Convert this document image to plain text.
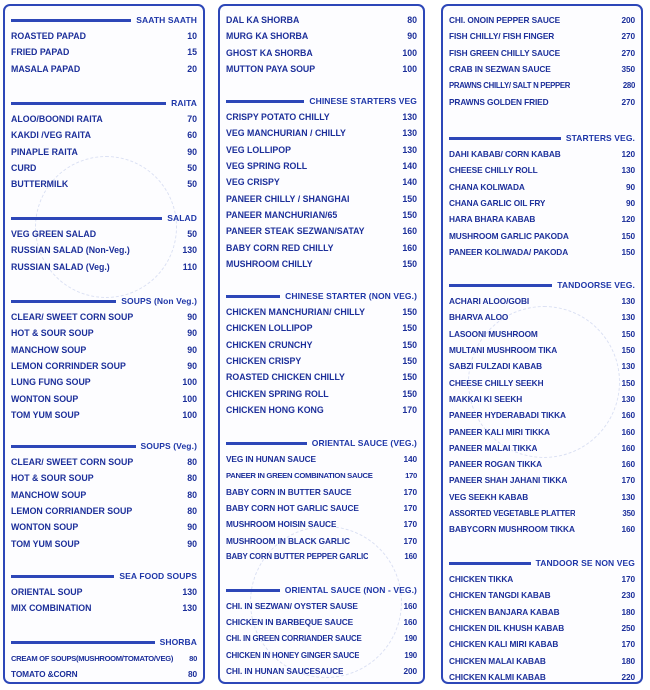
SAATH SAATH
ROASTED PAPAD	10
FRIED PAPAD	15
MASALA PAPAD	20
RAITA
ALOO/BOONDI RAITA	70
KAKDI /VEG RAITA	60
PINAPLE RAITA	90
CURD	50
BUTTERMILK	50
SALAD
VEG GREEN SALAD	50
RUSSIAN SALAD (Non-Veg.)	130
RUSSIAN SALAD (Veg.)	110
SOUPS (Non Veg.)
CLEAR/ SWEET CORN SOUP	90
HOT & SOUR SOUP	90
MANCHOW SOUP	90
LEMON CORRINDER SOUP	90
LUNG FUNG SOUP	100
WONTON SOUP	100
TOM YUM SOUP	100
SOUPS (Veg.)
CLEAR/ SWEET CORN SOUP	80
HOT & SOUR SOUP	80
MANCHOW SOUP	80
LEMON CORRIANDER SOUP	80
WONTON SOUP	90
TOM YUM SOUP	90
SEA FOOD SOUPS
ORIENTAL SOUP	130
MIX COMBINATION	130
SHORBA
CREAM OF SOUPS(MUSHROOM/TOMATO/VEG)	80
TOMATO &CORN	80
DAL KA SHORBA	80
MURG KA SHORBA	90
GHOST KA SHORBA	100
MUTTON PAYA SOUP	100
CHINESE STARTERS VEG
CRISPY POTATO CHILLY	130
VEG MANCHURIAN / CHILLY	130
VEG LOLLIPOP	130
VEG SPRING ROLL	140
VEG CRISPY	140
PANEER CHILLY / SHANGHAI	150
PANEER MANCHURIAN/65	150
PANEER STEAK SEZWAN/SATAY	160
BABY CORN RED CHILLY	160
MUSHROOM CHILLY	150
CHINESE STARTER (NON VEG.)
CHICKEN MANCHURIAN/ CHILLY	150
CHICKEN LOLLIPOP	150
CHICKEN CRUNCHY	150
CHICKEN CRISPY	150
ROASTED CHICKEN CHILLY	150
CHICKEN SPRING ROLL	150
CHICKEN HONG KONG	170
ORIENTAL SAUCE (VEG.)
VEG IN HUNAN SAUCE	140
PANEER IN GREEN COMBINATION SAUCE	170
BABY CORN IN BUTTER SAUCE	170
BABY CORN HOT GARLIC SAUCE	170
MUSHROOM HOISIN SAUCE	170
MUSHROOM IN BLACK GARLIC	170
BABY CORN BUTTER PEPPER GARLIC	160
ORIENTAL SAUCE (NON - VEG.)
CHI. IN SEZWAN/ OYSTER SAUSE	160
CHICKEN IN BARBEQUE SAUCE	160
CHI. IN GREEN CORRIANDER SAUCE	190
CHICKEN IN HONEY GINGER SAUCE	190
CHI. IN HUNAN SAUCESAUCE	200
CHI. ONOIN PEPPER SAUCE	200
FISH CHILLY/ FISH FINGER	270
FISH GREEN CHILLY SAUCE	270
CRAB IN SEZWAN SAUCE	350
PRAWNS CHILLY/ SALT N PEPPER	280
PRAWNS GOLDEN FRIED	270
STARTERS VEG.
DAHI KABAB/ CORN KABAB	120
CHEESE CHILLY ROLL	130
CHANA KOLIWADA	90
CHANA GARLIC OIL FRY	90
HARA BHARA KABAB	120
MUSHROOM GARLIC PAKODA	150
PANEER KOLIWADA/ PAKODA	150
TANDOORSE VEG.
ACHARI ALOO/GOBI	130
BHARVA ALOO	130
LASOONI MUSHROOM	150
MULTANI MUSHROOM TIKA	150
SABZI FULZADI KABAB	130
CHEESE CHILLY SEEKH	150
MAKKAI KI SEEKH	130
PANEER HYDERABADI TIKKA	160
PANEER KALI MIRI TIKKA	160
PANEER MALAI TIKKA	160
PANEER ROGAN TIKKA	160
PANEER SHAH JAHANI TIKKA	170
VEG SEEKH KABAB	130
ASSORTED VEGETABLE PLATTER	350
BABYCORN MUSHROOM TIKKA	160
TANDOOR SE NON VEG
CHICKEN TIKKA	170
CHICKEN TANGDI KABAB	230
CHICKEN BANJARA KABAB	180
CHICKEN DIL KHUSH KABAB	250
CHICKEN KALI MIRI KABAB	170
CHICKEN MALAI KABAB	180
CHICKEN KALMI KABAB	220
